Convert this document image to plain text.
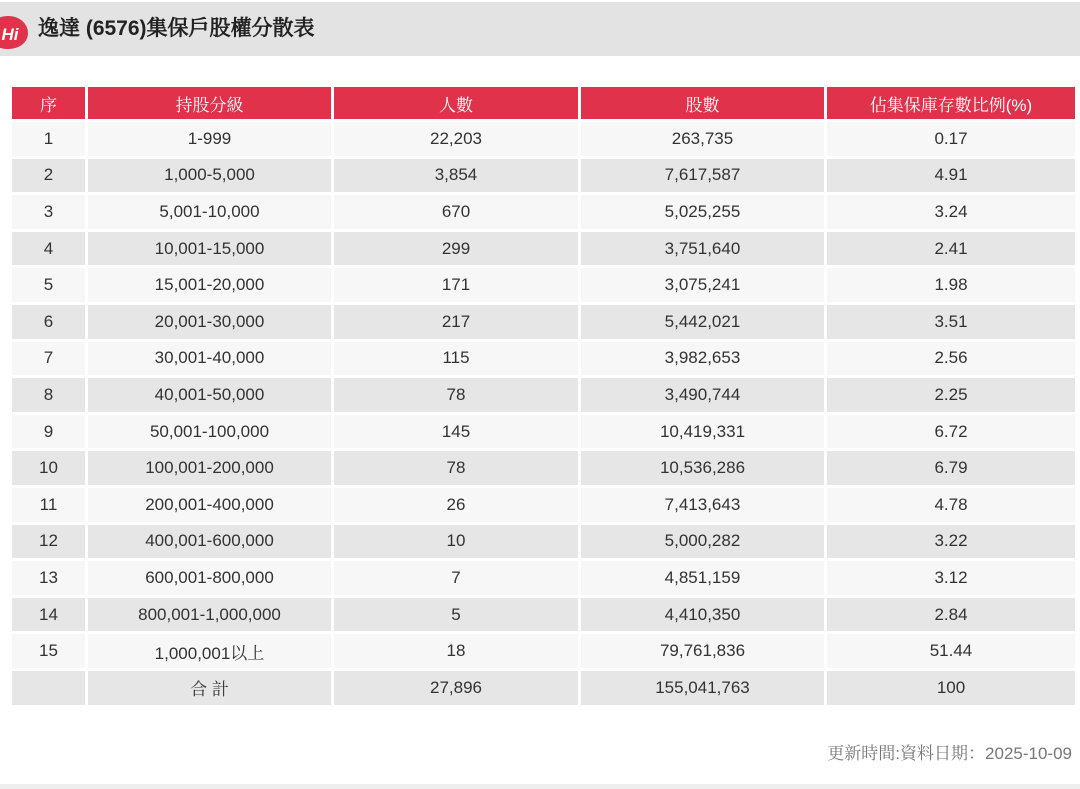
Hi 逸達 (6576)集保戶股權分散表
序	持股分級	人數	股數	佔集保庫存數比例(%)
1	1-999	22,203	263,735	0.17
2	1,000-5,000	3,854	7,617,587	4.91
3	5,001-10,000	670	5,025,255	3.24
4	10,001-15,000	299	3,751,640	2.41
5	15,001-20,000	171	3,075,241	1.98
6	20,001-30,000	217	5,442,021	3.51
7	30,001-40,000	115	3,982,653	2.56
8	40,001-50,000	78	3,490,744	2.25
9	50,001-100,000	145	10,419,331	6.72
10	100,001-200,000	78	10,536,286	6.79
11	200,001-400,000	26	7,413,643	4.78
12	400,001-600,000	10	5,000,282	3.22
13	600,001-800,000	7	4,851,159	3.12
14	800,001-1,000,000	5	4,410,350	2.84
15	1,000,001以上	18	79,761,836	51.44
	合 計	27,896	155,041,763	100
更新時間:資料日期：2025-10-09
